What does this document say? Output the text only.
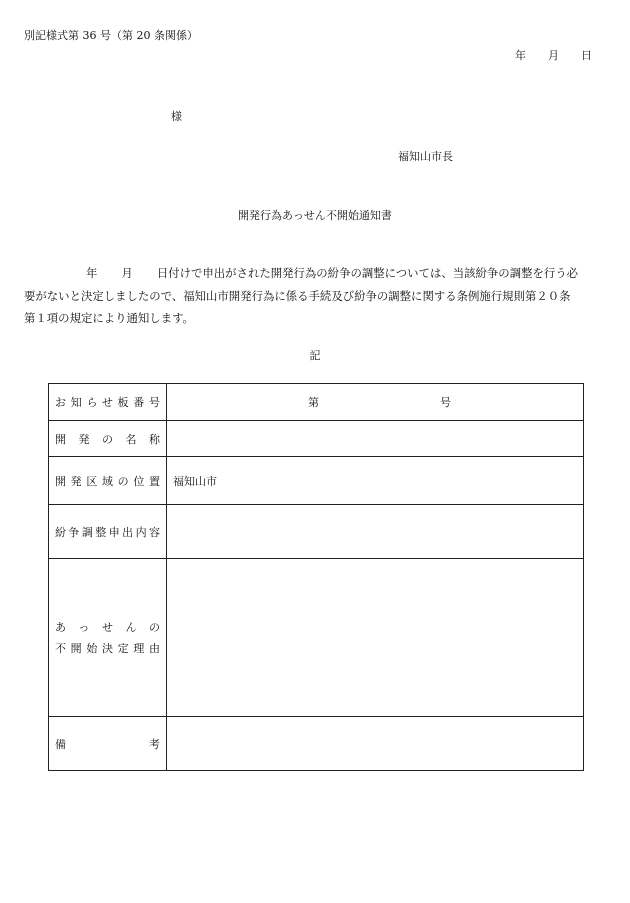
別記様式第 36 号（第 20 条関係）
年 月 日
様
福知山市長
開発行為あっせん不開始通知書
年 月 日付けで申出がされた開発行為の紛争の調整については、当該紛争の調整を行う必
要がないと決定しましたので、福知山市開発行為に係る手続及び紛争の調整に関する条例施行規則第２０条
第１項の規定により通知します。
記
お知らせ板番号	第 号

開発の名称	
開発区域の位置	福知山市
紛争調整申出内容	

あっせんの
不開始決定理由	

備考	
